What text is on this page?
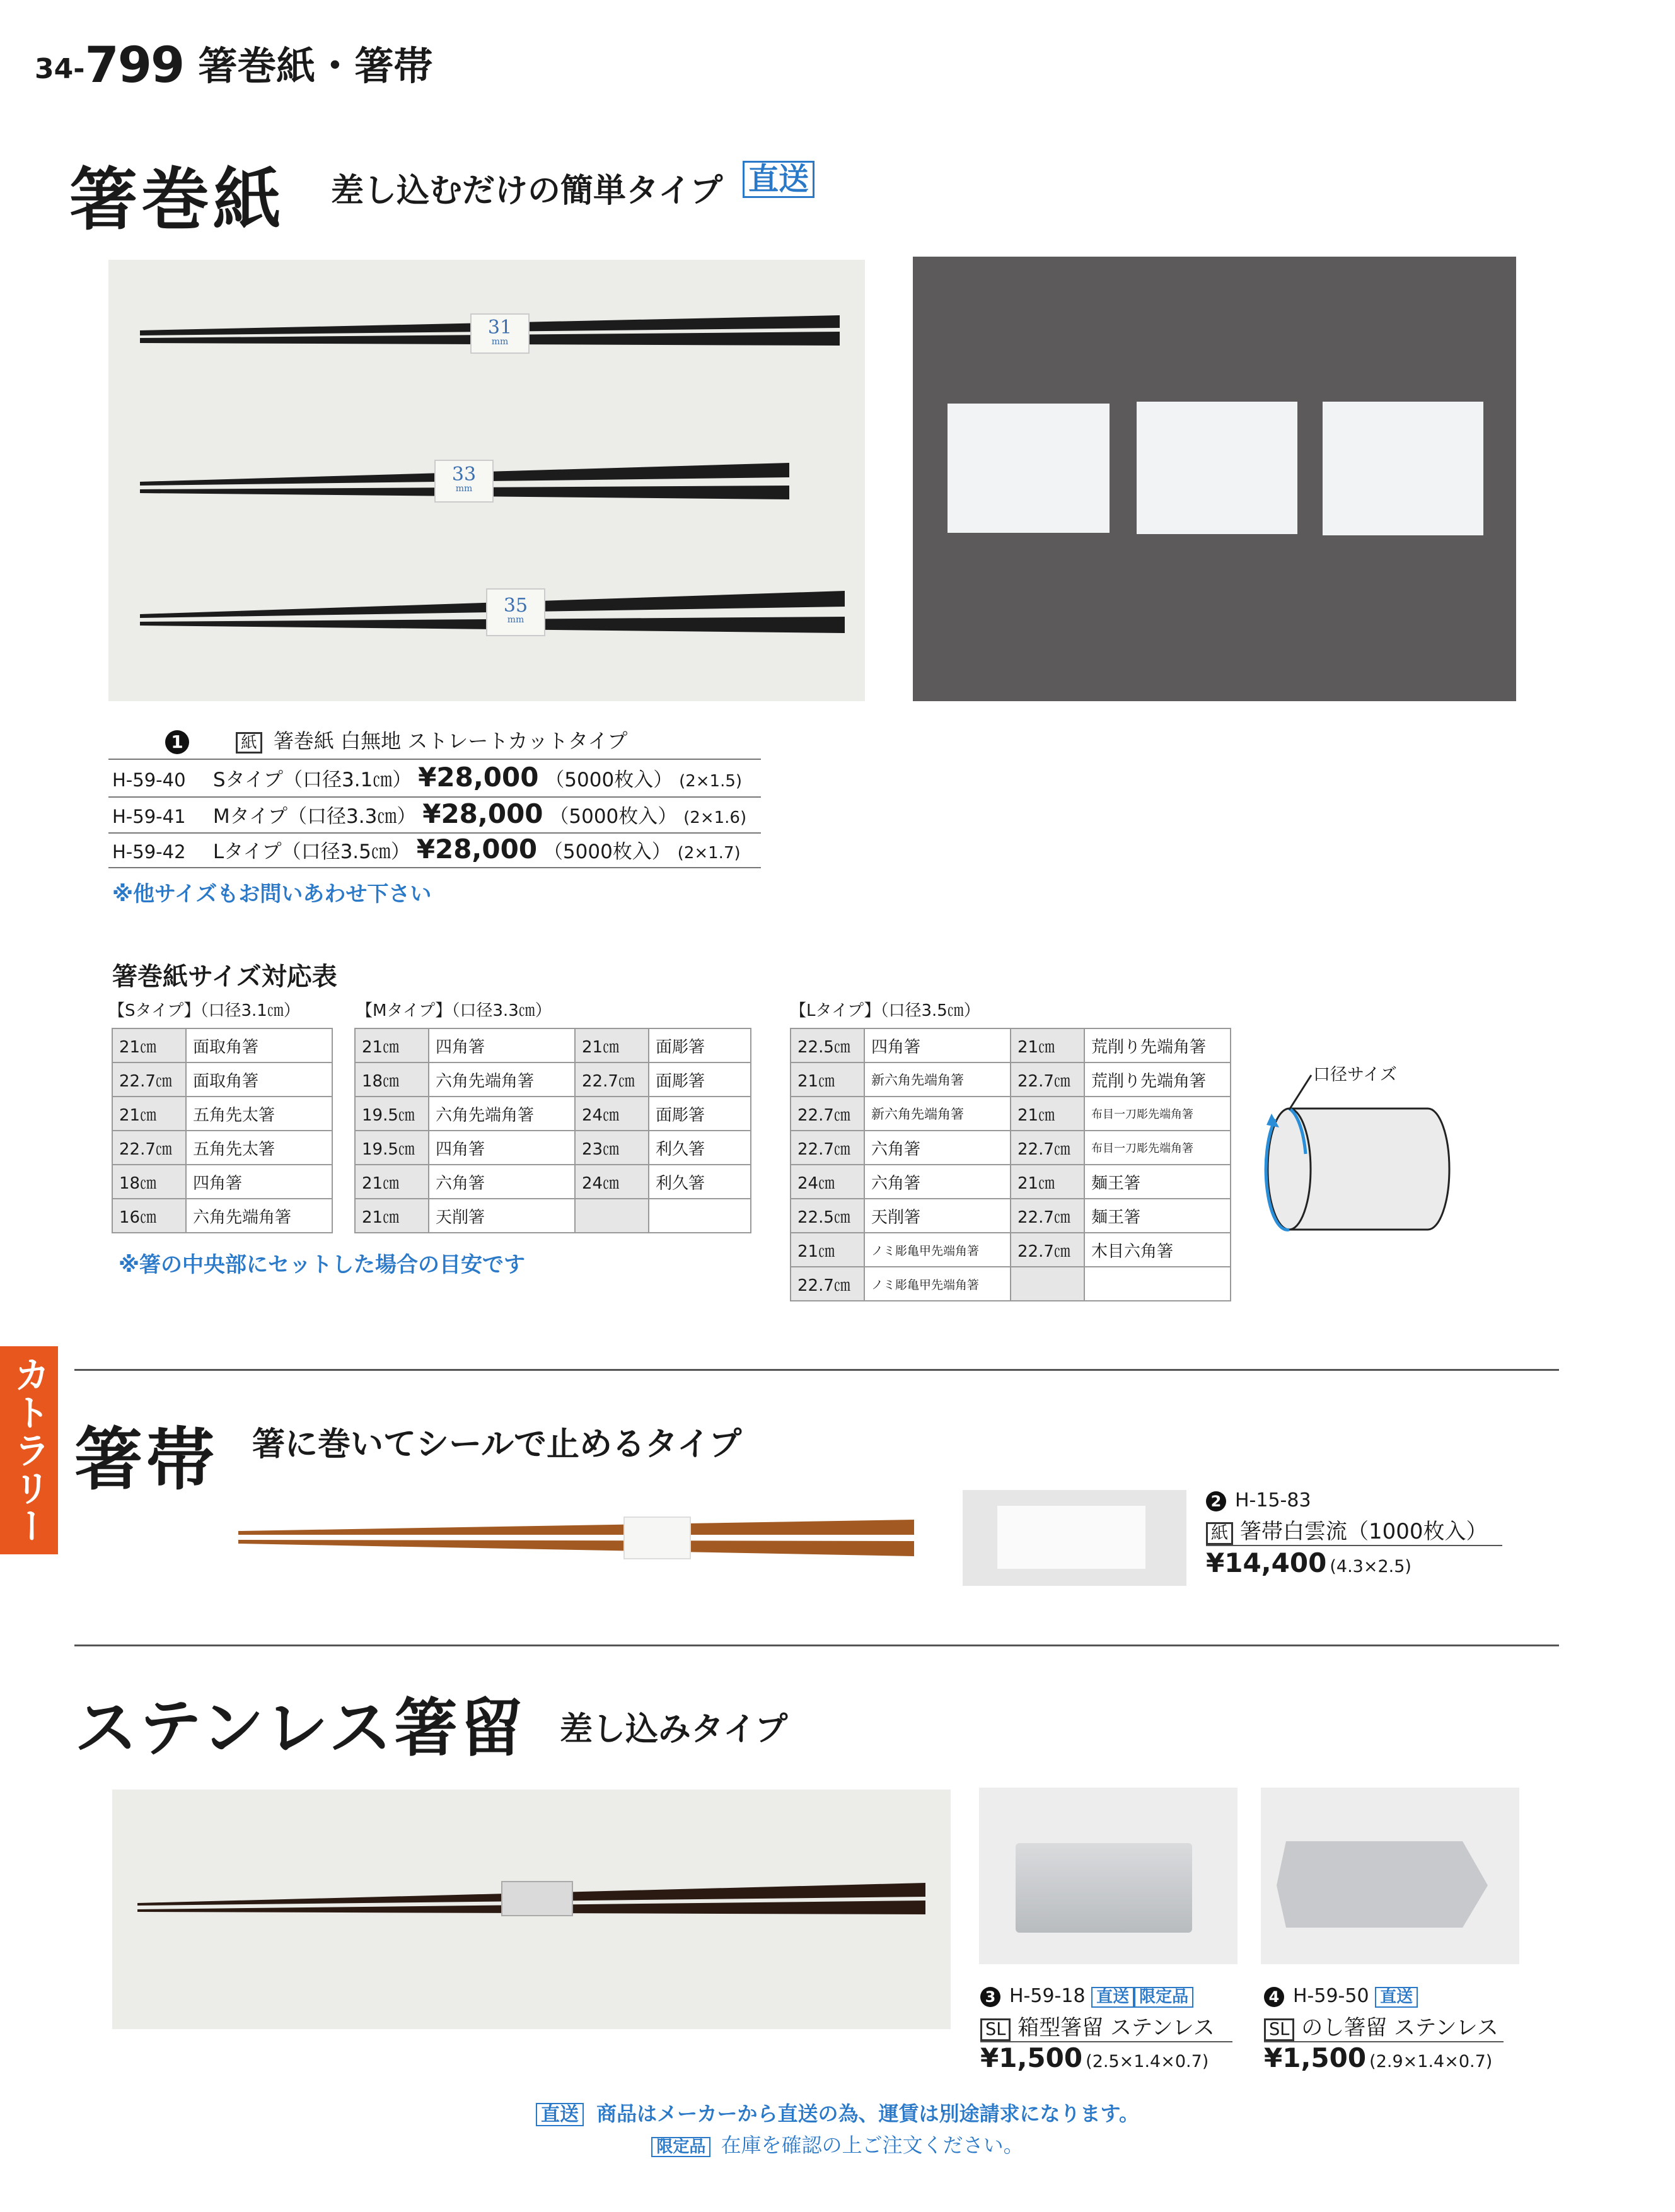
34-799 箸巻紙・箸帯
カトラリー
箸巻紙 差し込むだけの簡単タイプ 直送
31
mm
33
mm
35
mm
1	紙 箸巻紙 白無地 ストレートカットタイプ
H-59-40 Sタイプ（口径3.1㎝） ¥28,000 （5000枚入） (2×1.5)
H-59-41 Mタイプ（口径3.3㎝） ¥28,000 （5000枚入） (2×1.6)
H-59-42 Lタイプ（口径3.5㎝） ¥28,000 （5000枚入） (2×1.7)
※他サイズもお問いあわせ下さい
箸巻紙サイズ対応表
【Sタイプ】（口径3.1㎝）	【Mタイプ】（口径3.3㎝）	【Lタイプ】（口径3.5㎝）
21㎝	面取角箸
22.7㎝	面取角箸
21㎝	五角先太箸
22.7㎝	五角先太箸
18㎝	四角箸
16㎝	六角先端角箸
21㎝	四角箸	21㎝	面彫箸
18㎝	六角先端角箸	22.7㎝	面彫箸
19.5㎝	六角先端角箸	24㎝	面彫箸
19.5㎝	四角箸	23㎝	利久箸
21㎝	六角箸	24㎝	利久箸
21㎝	天削箸		
22.5㎝	四角箸	21㎝	荒削り先端角箸
21㎝	新六角先端角箸	22.7㎝	荒削り先端角箸
22.7㎝	新六角先端角箸	21㎝	布目一刀彫先端角箸
22.7㎝	六角箸	22.7㎝	布目一刀彫先端角箸
24㎝	六角箸	21㎝	麺王箸
22.5㎝	天削箸	22.7㎝	麺王箸
21㎝	ノミ彫亀甲先端角箸	22.7㎝	木目六角箸
22.7㎝	ノミ彫亀甲先端角箸		
※箸の中央部にセットした場合の目安です
口径サイズ
箸帯 箸に巻いてシールで止めるタイプ
2 H-15-83
紙 箸帯白雲流（1000枚入）
¥14,400 (4.3×2.5)
ステンレス箸留 差し込みタイプ
3 H-59-18 直送 限定品
SL 箱型箸留 ステンレス
¥1,500 (2.5×1.4×0.7)
4 H-59-50 直送
SL のし箸留 ステンレス
¥1,500 (2.9×1.4×0.7)
直送 商品はメーカーから直送の為、運賃は別途請求になります。
限定品 在庫を確認の上ご注文ください。
